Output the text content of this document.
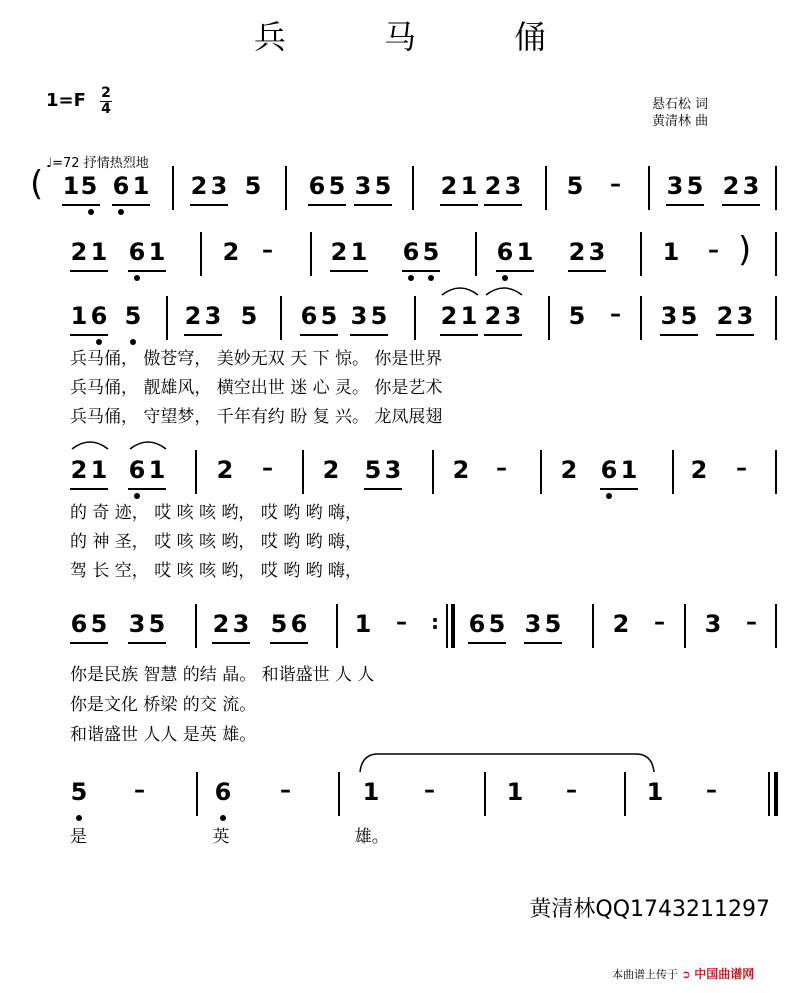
兵 马 俑
$1=F \frac{2}{4}$	悬石松 词
黄清林 曲
♩=72 抒情热烈地
( 1 5 6 1 2 3 5 6 5 3 5 2 1 2 3 5 – 3 5 2 3
2 1 6 1 2 – 2 1 6 5 6 1 2 3 1 – )
1 6 5 2 3 5 6 5 3 5 2 1 2 3 5 – 3 5 2 3
兵马俑， 傲苍穹， 美妙无双 天 下 惊。 你是世界
兵马俑， 靓雄风， 横空出世 迷 心 灵。 你是艺术
兵马俑， 守望梦， 千年有约 盼 复 兴。 龙凤展翅
2 1 6 1 2 – 2 5 3 2 – 2 6 1 2 –
的 奇 迹， 哎 咳 咳 哟， 哎 哟 哟 嗨，
的 神 圣， 哎 咳 咳 哟， 哎 哟 哟 嗨，
驾 长 空， 哎 咳 咳 哟， 哎 哟 哟 嗨，
6 5 3 5 2 3 5 6 1 – : 6 5 3 5 2 – 3 –
你是民族 智慧 的结 晶。 和谐盛世 人 人
你是文化 桥梁 的交 流。
和谐盛世 人人 是英 雄。
5 –	6 –	1 –	1 –	1 –
是 英 雄。
黄清林QQ1743211297
本曲谱上传于 ➲ 中国曲谱网
